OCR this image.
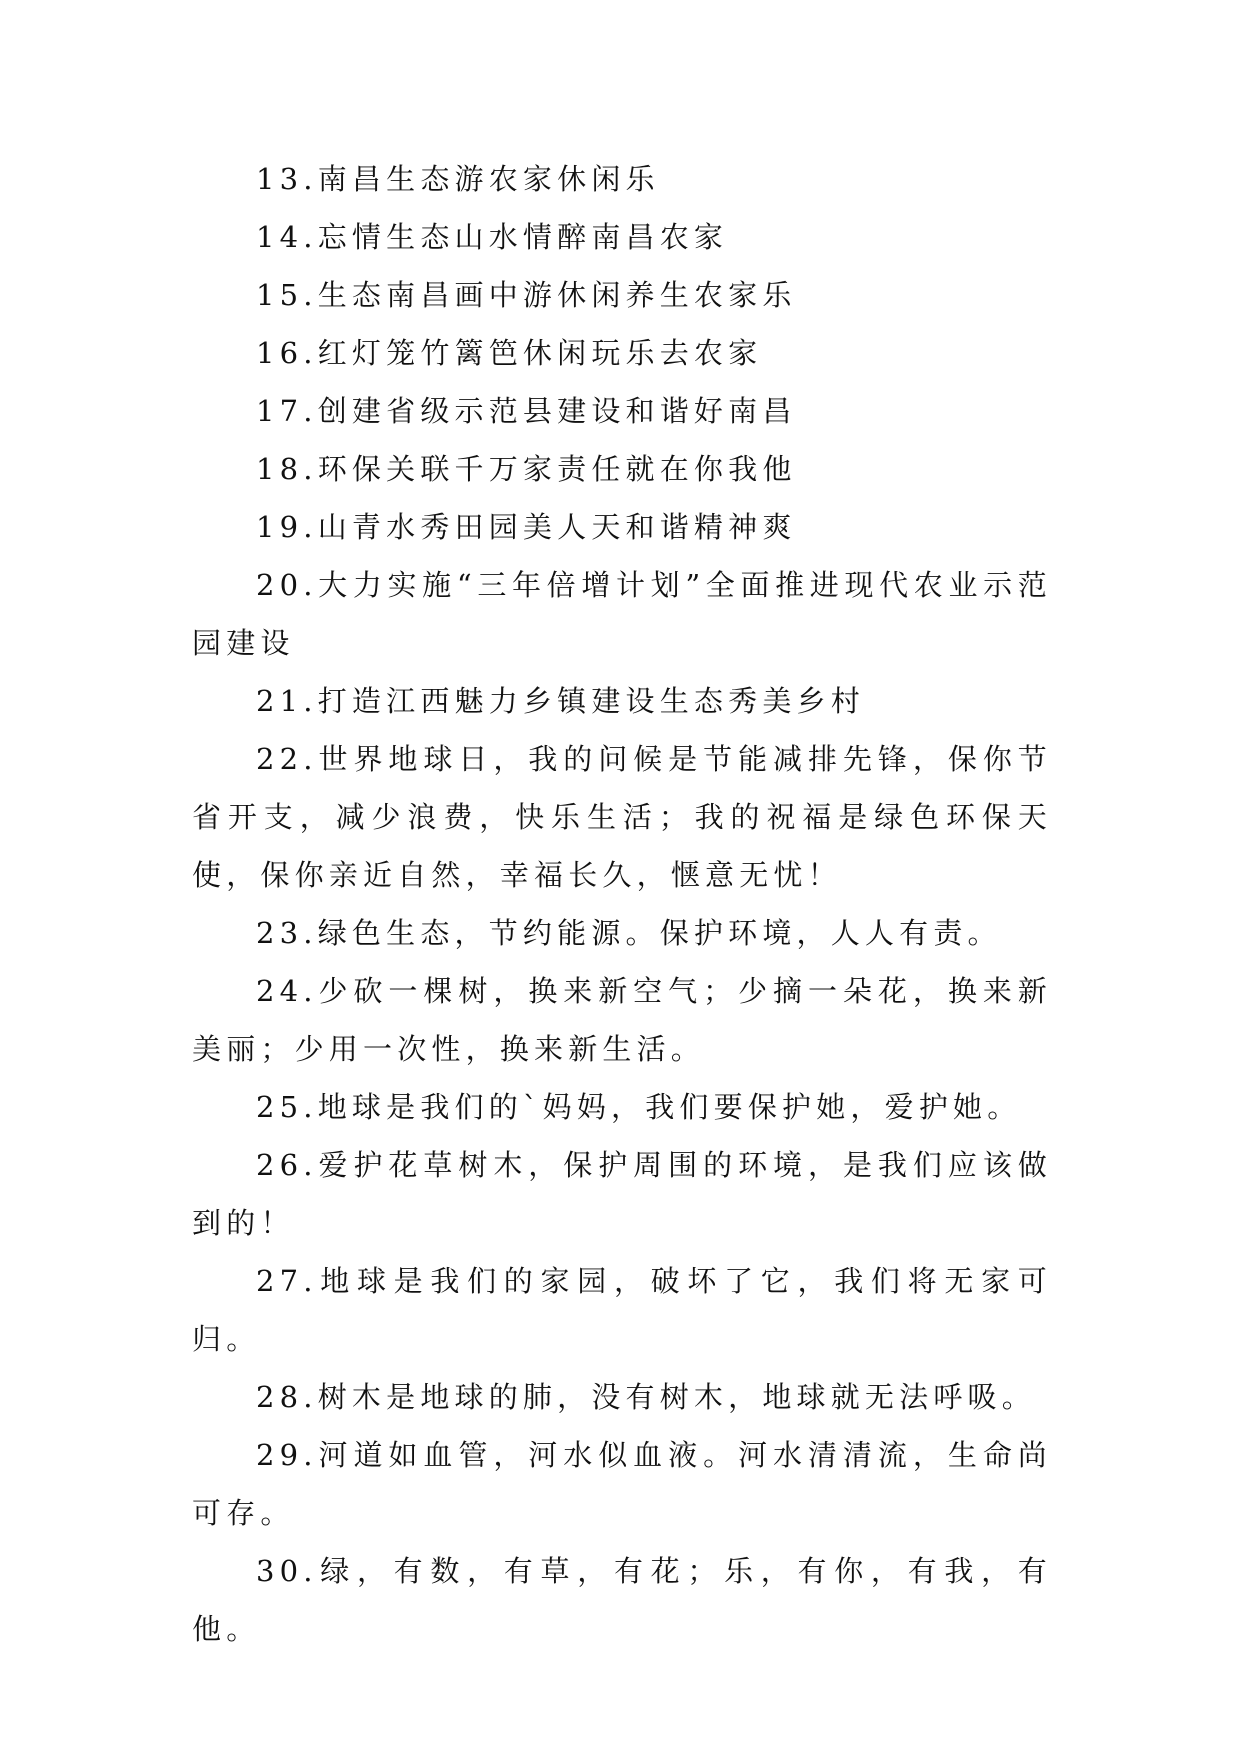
13.南昌生态游农家休闲乐

14.忘情生态山水情醉南昌农家

15.生态南昌画中游休闲养生农家乐

16.红灯笼竹篱笆休闲玩乐去农家

17.创建省级示范县建设和谐好南昌

18.环保关联千万家责任就在你我他

19.山青水秀田园美人天和谐精神爽

20.大力实施“三年倍增计划”全面推进现代农业示范园建设

21.打造江西魅力乡镇建设生态秀美乡村

22.世界地球日，我的问候是节能减排先锋，保你节省开支，减少浪费，快乐生活；我的祝福是绿色环保天使，保你亲近自然，幸福长久，惬意无忧！

23.绿色生态，节约能源。保护环境，人人有责。

24.少砍一棵树，换来新空气；少摘一朵花，换来新美丽；少用一次性，换来新生活。

25.地球是我们的`妈妈，我们要保护她，爱护她。

26.爱护花草树木，保护周围的环境，是我们应该做到的！

27.地球是我们的家园，破坏了它，我们将无家可归。

28.树木是地球的肺，没有树木，地球就无法呼吸。

29.河道如血管，河水似血液。河水清清流，生命尚可存。

30.绿，有数，有草，有花；乐，有你，有我，有他。
